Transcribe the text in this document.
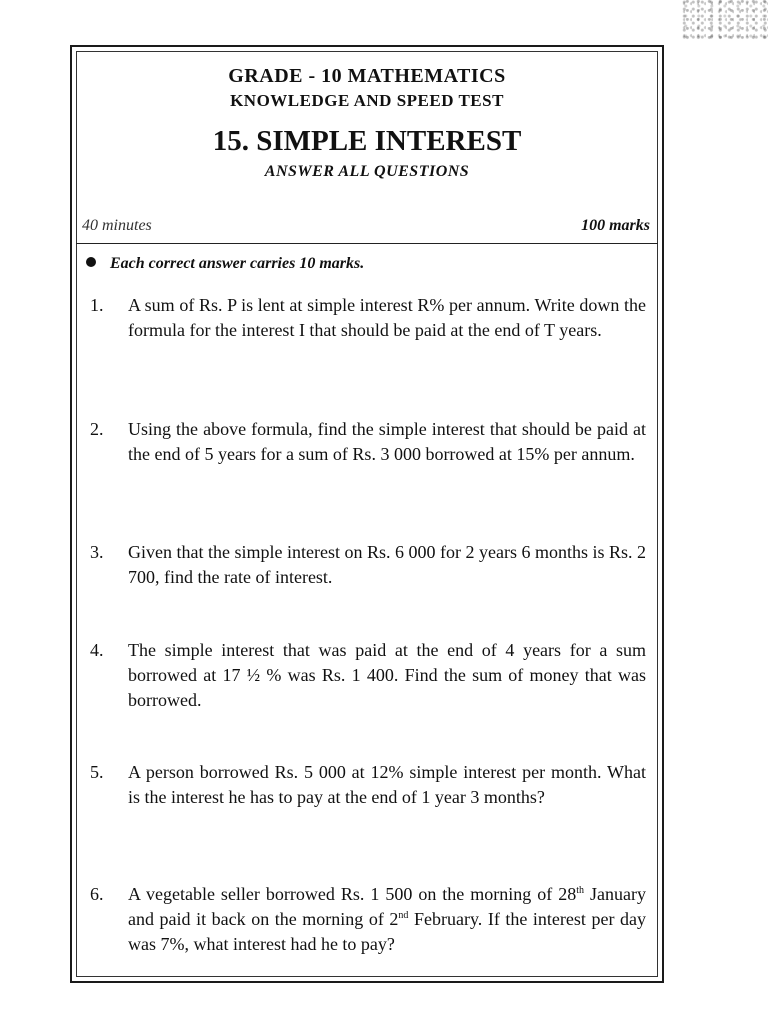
GRADE - 10 MATHEMATICS
KNOWLEDGE AND SPEED TEST
15. SIMPLE INTEREST
ANSWER ALL QUESTIONS
40 minutes	100 marks
Each correct answer carries 10 marks.
1.	A sum of Rs. P is lent at simple interest R% per annum. Write down the formula for the interest I that should be paid at the end of T years.
2.	Using the above formula, find the simple interest that should be paid at the end of 5 years for a sum of Rs. 3 000 borrowed at 15% per annum.
3.	Given that the simple interest on Rs. 6 000 for 2 years 6 months is Rs. 2 700, find the rate of interest.
4.	The simple interest that was paid at the end of 4 years for a sum borrowed at 17 ½ % was Rs. 1 400. Find the sum of money that was borrowed.
5.	A person borrowed Rs. 5 000 at 12% simple interest per month. What is the interest he has to pay at the end of 1 year 3 months?
6.	A vegetable seller borrowed Rs. 1 500 on the morning of 28th January and paid it back on the morning of 2nd February. If the interest per day was 7%, what interest had he to pay?
